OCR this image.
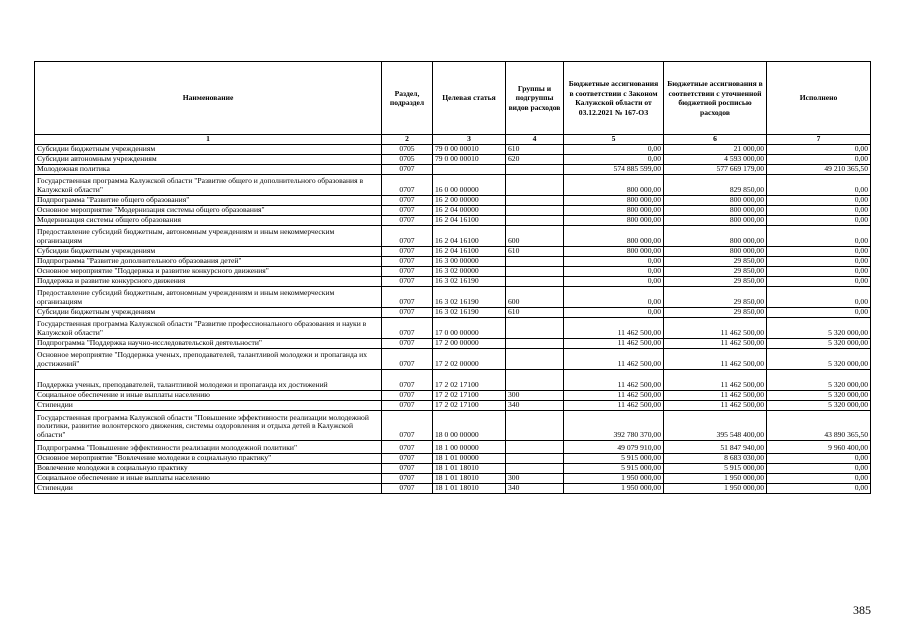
Наименование	Раздел, подраздел	Целевая статья	Группы и подгруппы видов расходов	Бюджетные ассигнования в соответствии с Законом Калужской области от 03.12.2021 № 167-ОЗ	Бюджетные ассигнования в соответствии с уточненной бюджетной росписью расходов	Исполнено
1	2	3	4	5	6	7
Субсидии бюджетным учреждениям	0705	79 0 00 00010	610	0,00	21 000,00	0,00
Субсидии автономным учреждениям	0705	79 0 00 00010	620	0,00	4 593 000,00	0,00
Молодежная политика	0707			574 885 599,00	577 669 179,00	49 210 365,50
Государственная программа Калужской области "Развитие общего и дополнительного образования в Калужской области"	0707	16 0 00 00000		800 000,00	829 850,00	0,00
Подпрограмма "Развитие общего образования"	0707	16 2 00 00000		800 000,00	800 000,00	0,00
Основное мероприятие "Модернизация системы общего образования"	0707	16 2 04 00000		800 000,00	800 000,00	0,00
Модернизация системы общего образования	0707	16 2 04 16100		800 000,00	800 000,00	0,00
Предоставление субсидий бюджетным, автономным учреждениям и иным некоммерческим организациям	0707	16 2 04 16100	600	800 000,00	800 000,00	0,00
Субсидии бюджетным учреждениям	0707	16 2 04 16100	610	800 000,00	800 000,00	0,00
Подпрограмма "Развитие дополнительного образования детей"	0707	16 3 00 00000		0,00	29 850,00	0,00
Основное мероприятие "Поддержка и развитие конкурсного движения"	0707	16 3 02 00000		0,00	29 850,00	0,00
Поддержка и развитие конкурсного движения	0707	16 3 02 16190		0,00	29 850,00	0,00
Предоставление субсидий бюджетным, автономным учреждениям и иным некоммерческим организациям	0707	16 3 02 16190	600	0,00	29 850,00	0,00
Субсидии бюджетным учреждениям	0707	16 3 02 16190	610	0,00	29 850,00	0,00
Государственная программа Калужской области "Развитие профессионального образования и науки в Калужской области"	0707	17 0 00 00000		11 462 500,00	11 462 500,00	5 320 000,00
Подпрограмма "Поддержка научно-исследовательской деятельности"	0707	17 2 00 00000		11 462 500,00	11 462 500,00	5 320 000,00
Основное мероприятие "Поддержка ученых, преподавателей, талантливой молодежи и пропаганда их достижений"	0707	17 2 02 00000		11 462 500,00	11 462 500,00	5 320 000,00
Поддержка ученых, преподавателей, талантливой молодежи и пропаганда их достижений	0707	17 2 02 17100		11 462 500,00	11 462 500,00	5 320 000,00
Социальное обеспечение и иные выплаты населению	0707	17 2 02 17100	300	11 462 500,00	11 462 500,00	5 320 000,00
Стипендии	0707	17 2 02 17100	340	11 462 500,00	11 462 500,00	5 320 000,00
Государственная программа Калужской области "Повышение эффективности реализации молодежной политики, развитие волонтерского движения, системы оздоровления и отдыха детей в Калужской области"	0707	18 0 00 00000		392 780 370,00	395 548 400,00	43 890 365,50
Подпрограмма "Повышение эффективности реализации молодежной политики"	0707	18 1 00 00000		49 079 910,00	51 847 940,00	9 960 400,00
Основное мероприятие "Вовлечение молодежи в социальную практику"	0707	18 1 01 00000		5 915 000,00	8 683 030,00	0,00
Вовлечение молодежи в социальную практику	0707	18 1 01 18010		5 915 000,00	5 915 000,00	0,00
Социальное обеспечение и иные выплаты населению	0707	18 1 01 18010	300	1 950 000,00	1 950 000,00	0,00
Стипендии	0707	18 1 01 18010	340	1 950 000,00	1 950 000,00	0,00
385
